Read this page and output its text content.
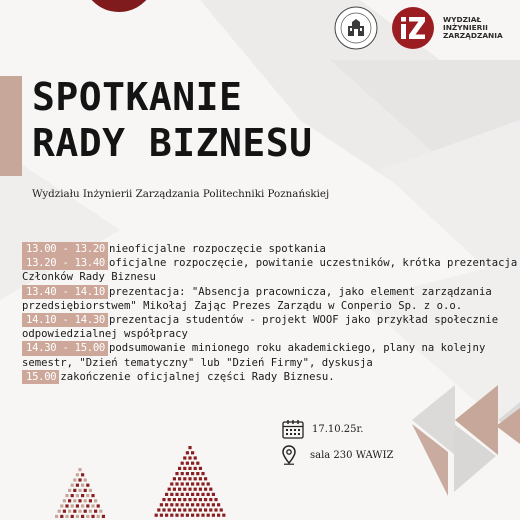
WYDZIAŁ
INŻYNIERII
ZARZĄDZANIA
SPOTKANIE
RADY BIZNESU
Wydziału Inżynierii Zarządzania Politechniki Poznańskiej
13.00 - 13.20 nieoficjalne rozpoczęcie spotkania
13.20 - 13.40 oficjalne rozpoczęcie, powitanie uczestników, krótka prezentacja
Członków Rady Biznesu
13.40 - 14.10 prezentacja: "Absencja pracownicza, jako element zarządzania
przedsiębiorstwem" Mikołaj Zając Prezes Zarządu w Conperio Sp. z o.o.
14.10 - 14.30 prezentacja studentów - projekt WOOF jako przykład społecznie
odpowiedzialnej współpracy
14.30 - 15.00 podsumowanie minionego roku akademickiego, plany na kolejny
semestr, "Dzień tematyczny" lub "Dzień Firmy", dyskusja
15.00 zakończenie oficjalnej części Rady Biznesu.
17.10.25r.
sala 230 WAWIZ
